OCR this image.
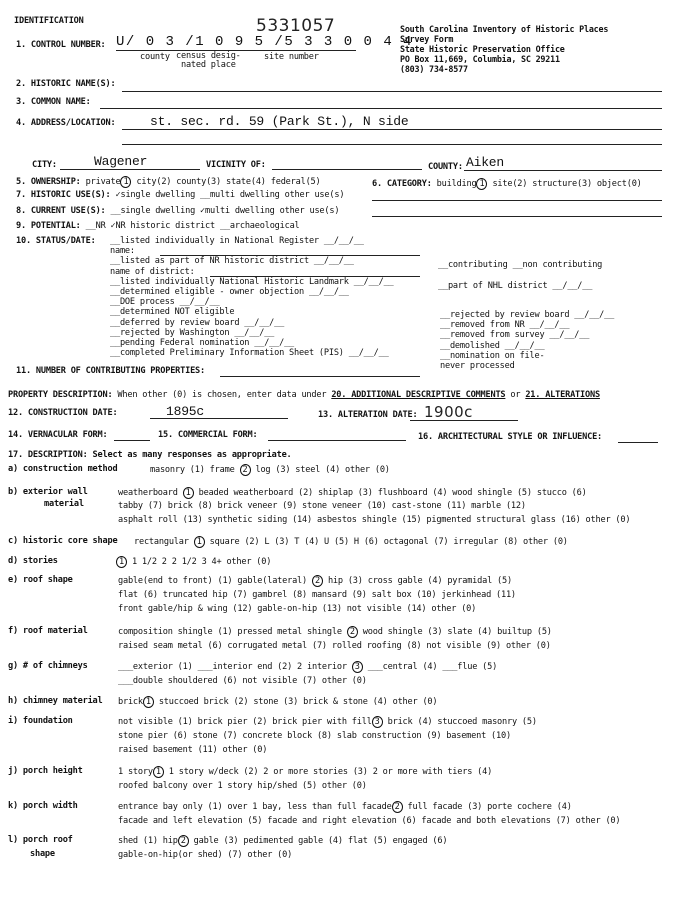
IDENTIFICATION	5331057	South Carolina Inventory of Historic Places
Survey Form
State Historic Preservation Office
PO Box 11,669, Columbia, SC 29211
(803) 734-8577
1. CONTROL NUMBER: U/ 0 3 /1 0 9 5 /5 3 3 0 0 4 4
county census desig-
nated place
site number
2. HISTORIC NAME(S):
3. COMMON NAME:
4. ADDRESS/LOCATION:	st. sec. rd. 59 (Park St.), N side
CITY:	Wagener	VICINITY OF:	COUNTY: Aiken
5. OWNERSHIP: private 1 city(2) county(3) state(4) federal(5)	6. CATEGORY: building 1 site(2) structure(3) object(0)
7. HISTORIC USE(S): ✓single dwelling __multi dwelling other use(s)
8. CURRENT USE(S): __single dwelling ✓multi dwelling other use(s)
9. POTENTIAL: __NR ✓NR historic district __archaeological
10. STATUS/DATE: __listed individually in National Register __/__/__
name:
__listed as part of NR historic district __/__/__
name of district:
__listed individually National Historic Landmark __/__/__
__determined eligible - owner objection __/__/__
__DOE process __/__/__
__determined NOT eligible
__deferred by review board __/__/__
__rejected by Washington __/__/__
__pending Federal nomination __/__/__
__completed Preliminary Information Sheet (PIS) __/__/__
__contributing __non contributing
__part of NHL district __/__/__
__rejected by review board __/__/__
__removed from NR __/__/__
__removed from survey __/__/__
__demolished __/__/__
__nomination on file-
never processed
11. NUMBER OF CONTRIBUTING PROPERTIES:
PROPERTY DESCRIPTION: When other (0) is chosen, enter data under 20. ADDITIONAL DESCRIPTIVE COMMENTS or 21. ALTERATIONS
12. CONSTRUCTION DATE:	1895c	13. ALTERATION DATE: 1900c
14. VERNACULAR FORM:	15. COMMERCIAL FORM:	16. ARCHITECTURAL STYLE OR INFLUENCE:
17. DESCRIPTION: Select as many responses as appropriate.
a) construction method	masonry (1) frame 2 log (3) steel (4) other (0)
b) exterior wall
material
weatherboard 1 beaded weatherboard (2) shiplap (3) flushboard (4) wood shingle (5) stucco (6)
tabby (7) brick (8) brick veneer (9) stone veneer (10) cast-stone (11) marble (12)
asphalt roll (13) synthetic siding (14) asbestos shingle (15) pigmented structural glass (16) other (0)
c) historic core shape rectangular 1 square (2) L (3) T (4) U (5) H (6) octagonal (7) irregular (8) other (0)
d) stories	1 1 1/2 2 2 1/2 3 4+ other (0)
e) roof shape	gable(end to front) (1) gable(lateral) 2 hip (3) cross gable (4) pyramidal (5)
flat (6) truncated hip (7) gambrel (8) mansard (9) salt box (10) jerkinhead (11)
front gable/hip & wing (12) gable-on-hip (13) not visible (14) other (0)
f) roof material	composition shingle (1) pressed metal shingle 2 wood shingle (3) slate (4) builtup (5)
raised seam metal (6) corrugated metal (7) rolled roofing (8) not visible (9) other (0)
g) # of chimneys	___exterior (1) ___interior end (2) 2 interior 3 ___central (4) ___flue (5)
___double shouldered (6) not visible (7) other (0)
h) chimney material brick 1 stuccoed brick (2) stone (3) brick & stone (4) other (0)
i) foundation	not visible (1) brick pier (2) brick pier with fill 3 brick (4) stuccoed masonry (5)
stone pier (6) stone (7) concrete block (8) slab construction (9) basement (10)
raised basement (11) other (0)
j) porch height	1 story 1 1 story w/deck (2) 2 or more stories (3) 2 or more with tiers (4)
roofed balcony over 1 story hip/shed (5) other (0)
k) porch width	entrance bay only (1) over 1 bay, less than full facade 2 full facade (3) porte cochere (4)
facade and left elevation (5) facade and right elevation (6) facade and both elevations (7) other (0)
l) porch roof
shape
shed (1) hip 2 gable (3) pedimented gable (4) flat (5) engaged (6)
gable-on-hip(or shed) (7) other (0)
